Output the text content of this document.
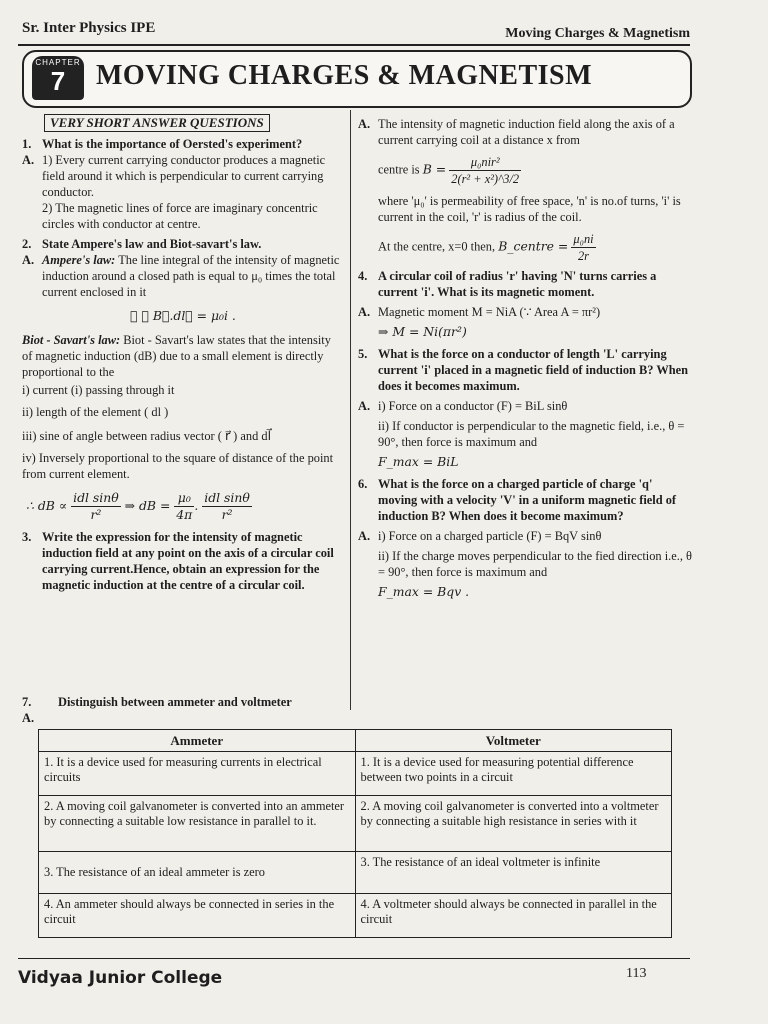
Sr. Inter Physics IPE	Moving Charges & Magnetism
CHAPTER
7	MOVING CHARGES & MAGNETISM
VERY SHORT ANSWER QUESTIONS
1. What is the importance of Oersted's experiment?
A. 1) Every current carrying conductor produces a magnetic field around it which is perpendicular to current carrying conductor.
2) The magnetic lines of force are imaginary concentric circles with conductor at centre.
2. State Ampere's law and Biot-savart's law.
A. Ampere's law: The line integral of the intensity of magnetic induction around a closed path is equal to μ₀ times the total current enclosed in it
∴ ∮ B⃗.dl⃗ = μ₀i .
Biot - Savart's law: Biot - Savart's law states that the intensity of magnetic induction (dB) due to a small element is directly proportional to the
i) current (i) passing through it
ii) length of the element ( dl )
iii) sine of angle between radius vector ( r⃗ ) and dl⃗
iv) Inversely proportional to the square of distance of the point from current element.
∴ dB ∝ $\frac{\text{idl sinθ}}{\text{r²}}$ ⇒ dB = $\frac{\text{μ₀}}{4\pi}$ . $\frac{\text{idl sinθ}}{\text{r²}}$
3. Write the expression for the intensity of magnetic induction field at any point on the axis of a circular coil carrying current.Hence, obtain an expression for the magnetic induction at the centre of a circular coil.
A. The intensity of magnetic induction field along the axis of a current carrying coil at a distance x from
centre is $B = \frac{\text{μ₀nir²}}{\text{2(r² + x²)\textasciicircum{}3/2}}$
where 'μ₀' is permeability of free space, 'n' is no.of turns, 'i' is current in the coil, 'r' is radius of the coil.
At the centre, x=0 then, B_centre = $\frac{\text{μ₀ni}}{2r}$
4. A circular coil of radius 'r' having 'N' turns carries a current 'i'. What is its magnetic moment.
A. Magnetic moment M = NiA (∵ Area A = πr²)
⇒ M = Ni(πr²)
5. What is the force on a conductor of length 'L' carrying current 'i' placed in a magnetic field of induction B? When does it becomes maximum.
A. i) Force on a conductor (F) = BiL sinθ
ii) If conductor is perpendicular to the magnetic field, i.e., θ = 90°, then force is maximum and
F_max = BiL
6. What is the force on a charged particle of charge 'q' moving with a velocity 'V' in a uniform magnetic field of induction B? When does it become maximum?
A. i) Force on a charged particle (F) = BqV sinθ
ii) If the charge moves perpendicular to the fied direction i.e., θ = 90°, then force is maximum and
F_max = Bqv .
7.	Distinguish between ammeter and voltmeter
A.
Ammeter	Voltmeter
1. It is a device used for measuring currents in electrical circuits	1. It is a device used for measuring potential difference between two points in a circuit
2. A moving coil galvanometer is converted into an ammeter by connecting a suitable low resistance in parallel to it.	2. A moving coil galvanometer is converted into a voltmeter by connecting a suitable high resistance in series with it
3. The resistance of an ideal ammeter is zero	3. The resistance of an ideal voltmeter is infinite
4. An ammeter should always be connected in series in the circuit	4. A voltmeter should always be connected in parallel in the circuit
Vidyaa Junior College	113
